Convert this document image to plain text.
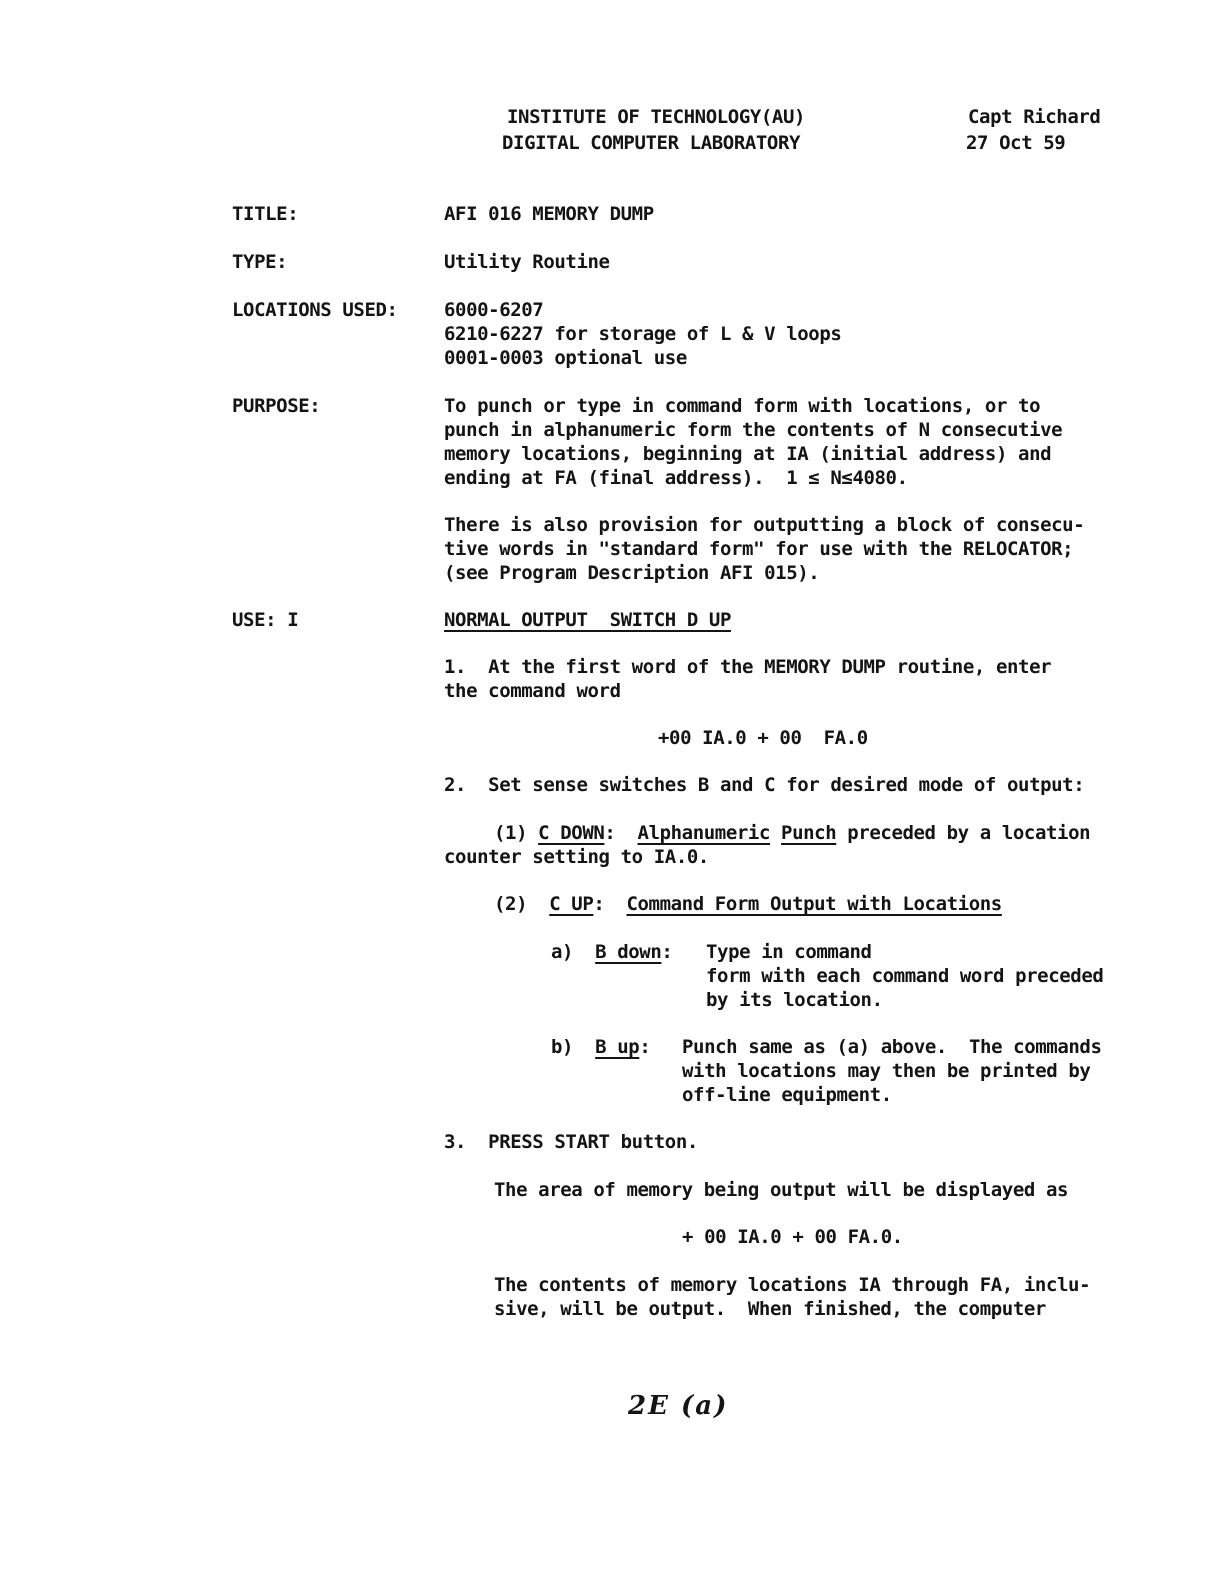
INSTITUTE OF TECHNOLOGY(AU)
DIGITAL COMPUTER LABORATORY
Capt Richard
27 Oct 59
TITLE:	AFI 016 MEMORY DUMP
TYPE:	Utility Routine
LOCATIONS USED: 6000-6207
6210-6227 for storage of L & V loops
0001-0003 optional use
PURPOSE:	To punch or type in command form with locations, or to
punch in alphanumeric form the contents of N consecutive
memory locations, beginning at IA (initial address) and
ending at FA (final address).  1 ≤ N≤4080.
There is also provision for outputting a block of consecu-
tive words in "standard form" for use with the RELOCATOR;
(see Program Description AFI 015).
USE: I	NORMAL OUTPUT  SWITCH D UP
1.  At the first word of the MEMORY DUMP routine, enter
the command word
+00 IA.0 + 00  FA.0
2.  Set sense switches B and C for desired mode of output:
(1) C DOWN: Alphanumeric Punch preceded by a location
counter setting to IA.0.
(2) C UP: Command Form Output with Locations
a) B down: Type in command
form with each command word preceded
by its location.
b) B up: Punch same as (a) above.  The commands
with locations may then be printed by
off-line equipment.
3.  PRESS START button.
The area of memory being output will be displayed as
+ 00 IA.0 + 00 FA.0.
The contents of memory locations IA through FA, inclu-
sive, will be output.  When finished, the computer
2E (a)
